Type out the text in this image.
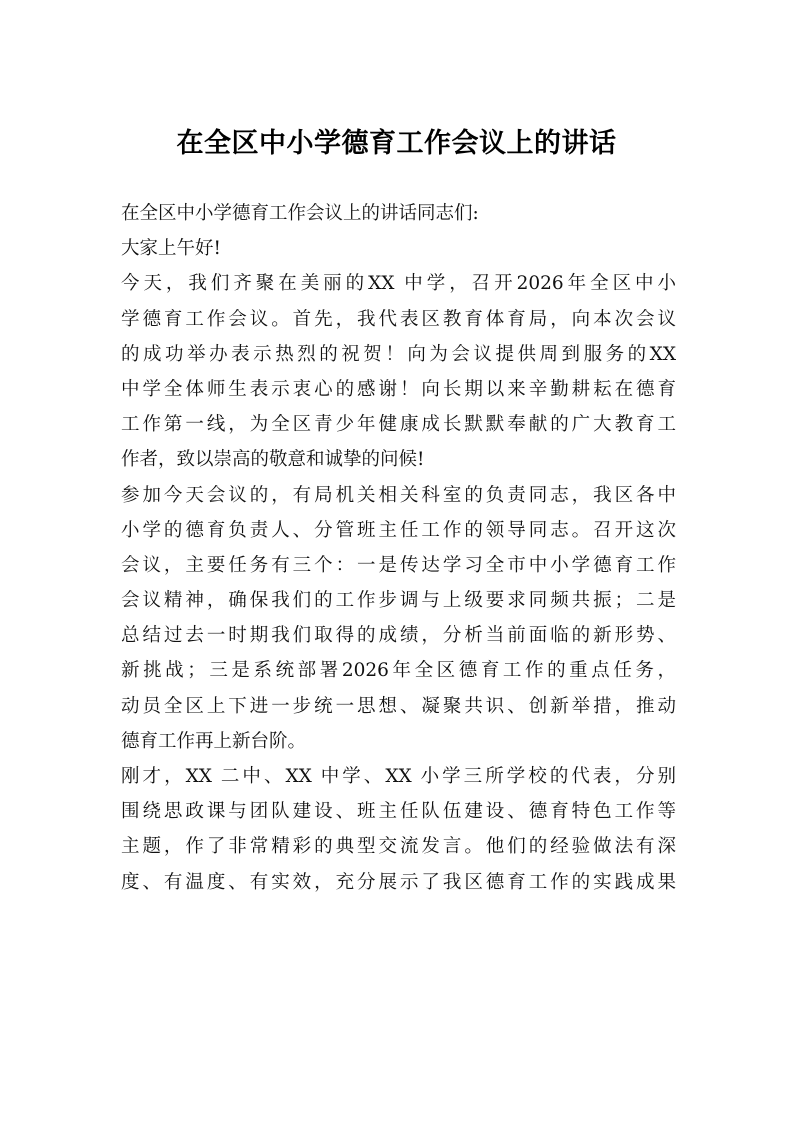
在全区中小学德育工作会议上的讲话
在全区中小学德育工作会议上的讲话同志们:
大家上午好!
今天，我们齐聚在美丽的XX 中学，召开2026年全区中小
学德育工作会议。首先，我代表区教育体育局，向本次会议
的成功举办表示热烈的祝贺！向为会议提供周到服务的XX
中学全体师生表示衷心的感谢！向长期以来辛勤耕耘在德育
工作第一线，为全区青少年健康成长默默奉献的广大教育工
作者，致以崇高的敬意和诚挚的问候!
参加今天会议的，有局机关相关科室的负责同志，我区各中
小学的德育负责人、分管班主任工作的领导同志。召开这次
会议，主要任务有三个：一是传达学习全市中小学德育工作
会议精神，确保我们的工作步调与上级要求同频共振；二是
总结过去一时期我们取得的成绩，分析当前面临的新形势、
新挑战；三是系统部署2026年全区德育工作的重点任务，
动员全区上下进一步统一思想、凝聚共识、创新举措，推动
德育工作再上新台阶。
刚才，XX 二中、XX 中学、XX 小学三所学校的代表，分别
围绕思政课与团队建设、班主任队伍建设、德育特色工作等
主题，作了非常精彩的典型交流发言。他们的经验做法有深
度、有温度、有实效，充分展示了我区德育工作的实践成果
